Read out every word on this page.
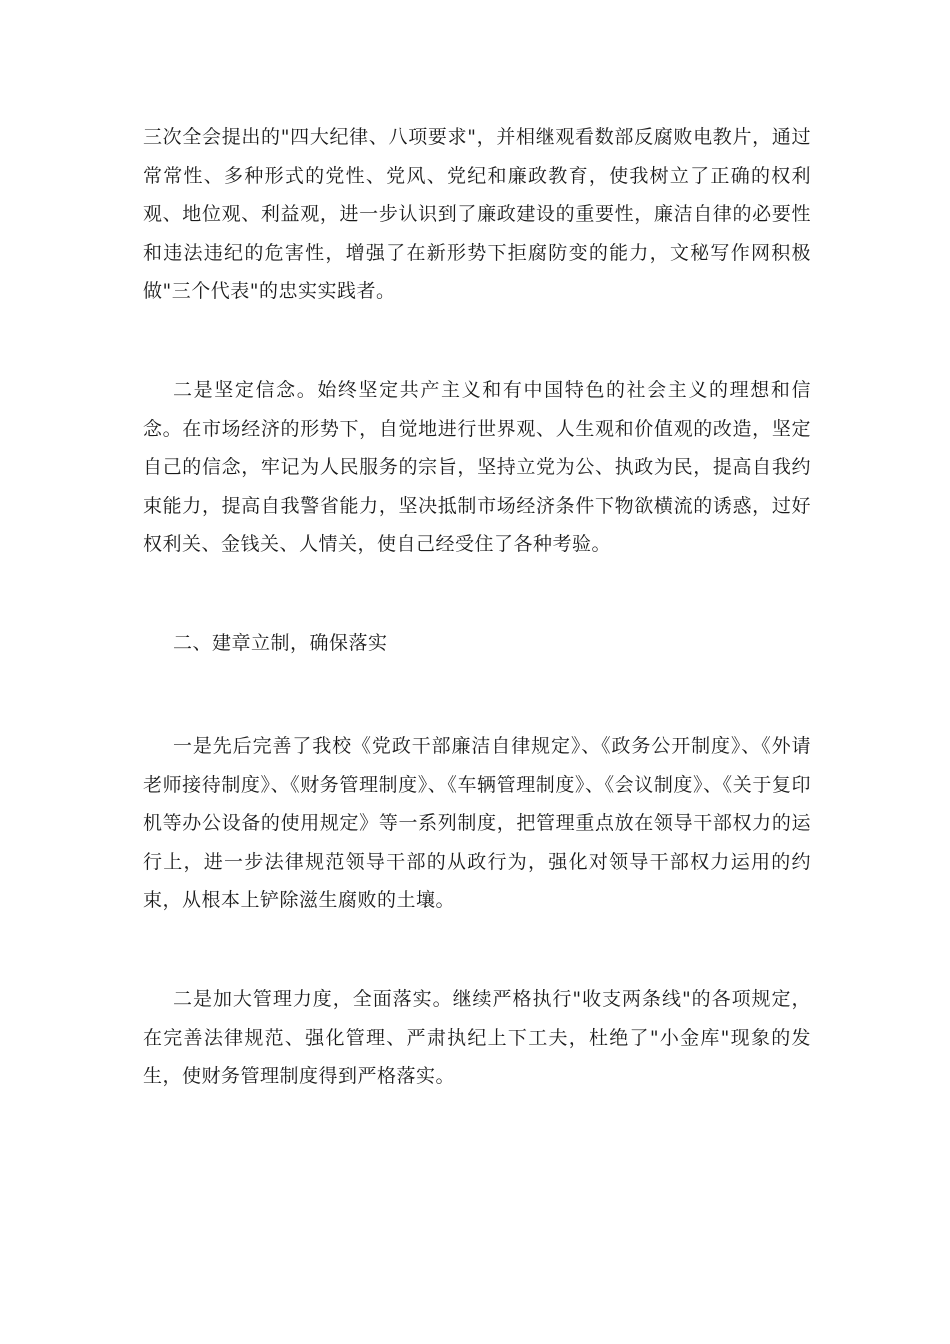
三次全会提出的"四大纪律、八项要求"，并相继观看数部反腐败电教片，通过常常性、多种形式的党性、党风、党纪和廉政教育，使我树立了正确的权利观、地位观、利益观，进一步认识到了廉政建设的重要性，廉洁自律的必要性和违法违纪的危害性，增强了在新形势下拒腐防变的能力，文秘写作网积极做"三个代表"的忠实实践者。

二是坚定信念。始终坚定共产主义和有中国特色的社会主义的理想和信念。在市场经济的形势下，自觉地进行世界观、人生观和价值观的改造，坚定自己的信念，牢记为人民服务的宗旨，坚持立党为公、执政为民，提高自我约束能力，提高自我警省能力，坚决抵制市场经济条件下物欲横流的诱惑，过好权利关、金钱关、人情关，使自己经受住了各种考验。

二、建章立制，确保落实

一是先后完善了我校《党政干部廉洁自律规定》、《政务公开制度》、《外请老师接待制度》、《财务管理制度》、《车辆管理制度》、《会议制度》、《关于复印机等办公设备的使用规定》等一系列制度，把管理重点放在领导干部权力的运行上，进一步法律规范领导干部的从政行为，强化对领导干部权力运用的约束，从根本上铲除滋生腐败的土壤。

二是加大管理力度，全面落实。继续严格执行"收支两条线"的各项规定，在完善法律规范、强化管理、严肃执纪上下工夫，杜绝了"小金库"现象的发生，使财务管理制度得到严格落实。
